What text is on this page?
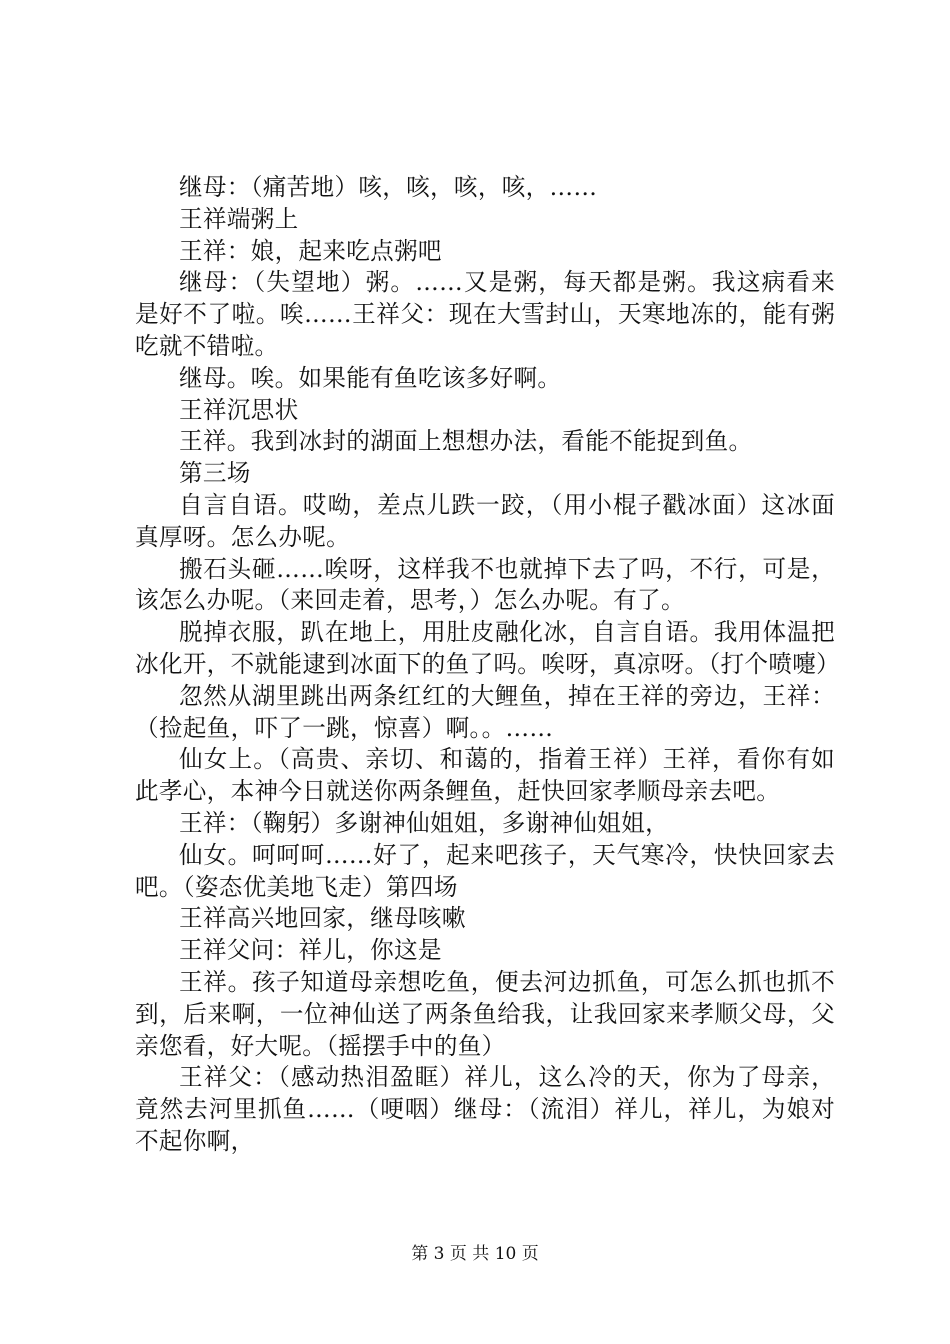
继母：（痛苦地）咳，咳，咳，咳，……

王祥端粥上

王祥：娘，起来吃点粥吧

继母：（失望地）粥。……又是粥，每天都是粥。我这病看来是好不了啦。唉……王祥父：现在大雪封山，天寒地冻的，能有粥吃就不错啦。

继母。唉。如果能有鱼吃该多好啊。

王祥沉思状

王祥。我到冰封的湖面上想想办法，看能不能捉到鱼。

第三场

自言自语。哎呦，差点儿跌一跤，（用小棍子戳冰面）这冰面真厚呀。怎么办呢。

搬石头砸……唉呀，这样我不也就掉下去了吗，不行，可是，该怎么办呢。（来回走着，思考，）怎么办呢。有了。

脱掉衣服，趴在地上，用肚皮融化冰，自言自语。我用体温把冰化开，不就能逮到冰面下的鱼了吗。唉呀，真凉呀。（打个喷嚏）

忽然从湖里跳出两条红红的大鲤鱼，掉在王祥的旁边，王祥：（捡起鱼，吓了一跳，惊喜）啊。。……

仙女上。（高贵、亲切、和蔼的，指着王祥）王祥，看你有如此孝心，本神今日就送你两条鲤鱼，赶快回家孝顺母亲去吧。

王祥：（鞠躬）多谢神仙姐姐，多谢神仙姐姐，

仙女。呵呵呵……好了，起来吧孩子，天气寒冷，快快回家去吧。（姿态优美地飞走）第四场

王祥高兴地回家，继母咳嗽

王祥父问：祥儿，你这是

王祥。孩子知道母亲想吃鱼，便去河边抓鱼，可怎么抓也抓不到，后来啊，一位神仙送了两条鱼给我，让我回家来孝顺父母，父亲您看，好大呢。（摇摆手中的鱼）

王祥父：（感动热泪盈眶）祥儿，这么冷的天，你为了母亲，竟然去河里抓鱼……（哽咽）继母：（流泪）祥儿，祥儿，为娘对不起你啊，

第 3 页 共 10 页
